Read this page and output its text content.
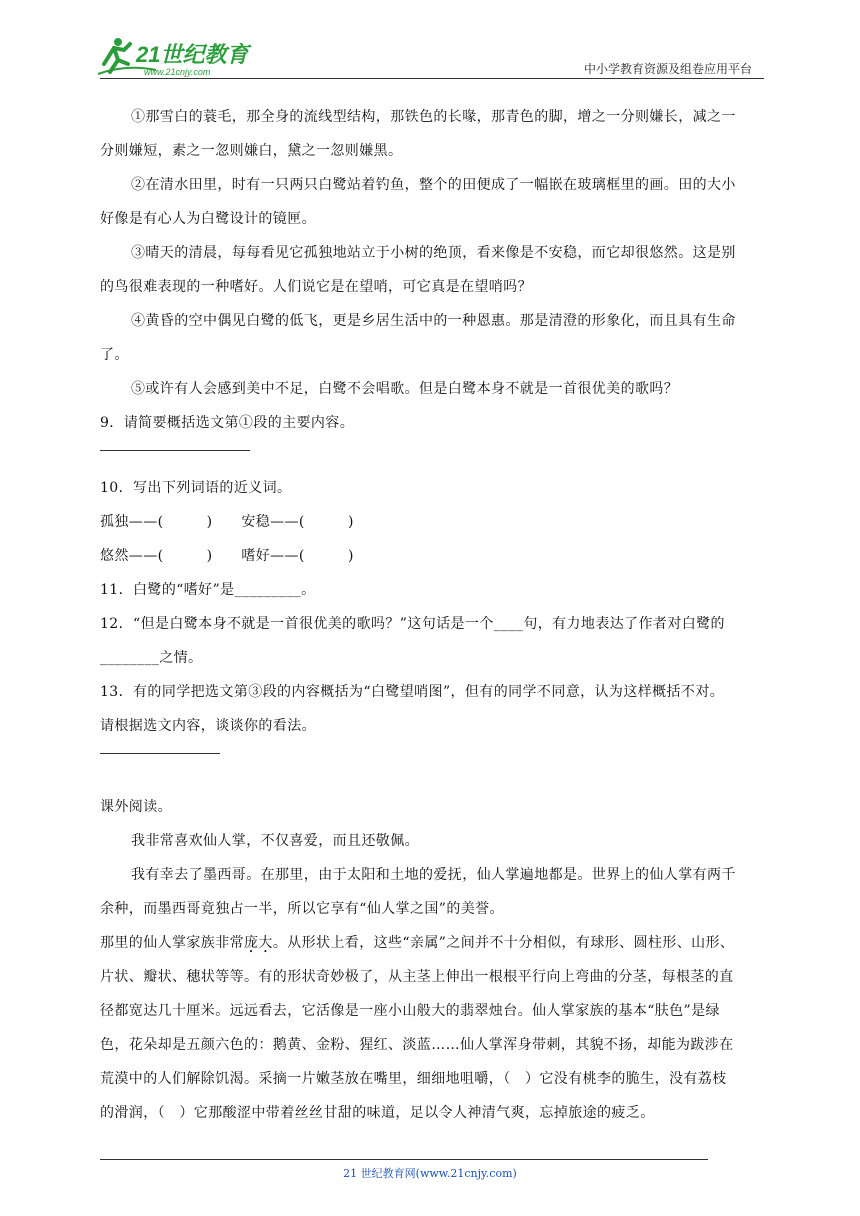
21世纪教育
www.21cnjy.com	中小学教育资源及组卷应用平台
①那雪白的蓑毛，那全身的流线型结构，那铁色的长喙，那青色的脚，增之一分则嫌长，减之一
分则嫌短，素之一忽则嫌白，黛之一忽则嫌黑。
②在清水田里，时有一只两只白鹭站着钓鱼，整个的田便成了一幅嵌在玻璃框里的画。田的大小
好像是有心人为白鹭设计的镜匣。
③晴天的清晨，每每看见它孤独地站立于小树的绝顶，看来像是不安稳，而它却很悠然。这是别
的鸟很难表现的一种嗜好。人们说它是在望哨，可它真是在望哨吗？
④黄昏的空中偶见白鹭的低飞，更是乡居生活中的一种恩惠。那是清澄的形象化，而且具有生命
了。
⑤或许有人会感到美中不足，白鹭不会唱歌。但是白鹭本身不就是一首很优美的歌吗？
9．请简要概括选文第①段的主要内容。
10．写出下列词语的近义词。
孤独——(　　　)　　安稳——(　　　)
悠然——(　　　)　　嗜好——(　　　)
11．白鹭的“嗜好”是_________。
12．“但是白鹭本身不就是一首很优美的歌吗？”这句话是一个____句，有力地表达了作者对白鹭的
________之情。
13．有的同学把选文第③段的内容概括为“白鹭望哨图”，但有的同学不同意，认为这样概括不对。
请根据选文内容，谈谈你的看法。
课外阅读。
我非常喜欢仙人掌，不仅喜爱，而且还敬佩。
我有幸去了墨西哥。在那里，由于太阳和土地的爱抚，仙人掌遍地都是。世界上的仙人掌有两千
余种，而墨西哥竟独占一半，所以它享有“仙人掌之国”的美誉。
那里的仙人掌家族非常庞大。从形状上看，这些“亲属”之间并不十分相似，有球形、圆柱形、山形、
片状、瓣状、穗状等等。有的形状奇妙极了，从主茎上伸出一根根平行向上弯曲的分茎，每根茎的直
径都宽达几十厘米。远远看去，它活像是一座小山般大的翡翠烛台。仙人掌家族的基本“肤色”是绿
色，花朵却是五颜六色的：鹅黄、金粉、猩红、淡蓝……仙人掌浑身带刺，其貌不扬，却能为跋涉在
荒漠中的人们解除饥渴。采摘一片嫩茎放在嘴里，细细地咀嚼，（　）它没有桃李的脆生，没有荔枝
的滑润，（　）它那酸涩中带着丝丝甘甜的味道，足以令人神清气爽，忘掉旅途的疲乏。
21 世纪教育网(www.21cnjy.com)
